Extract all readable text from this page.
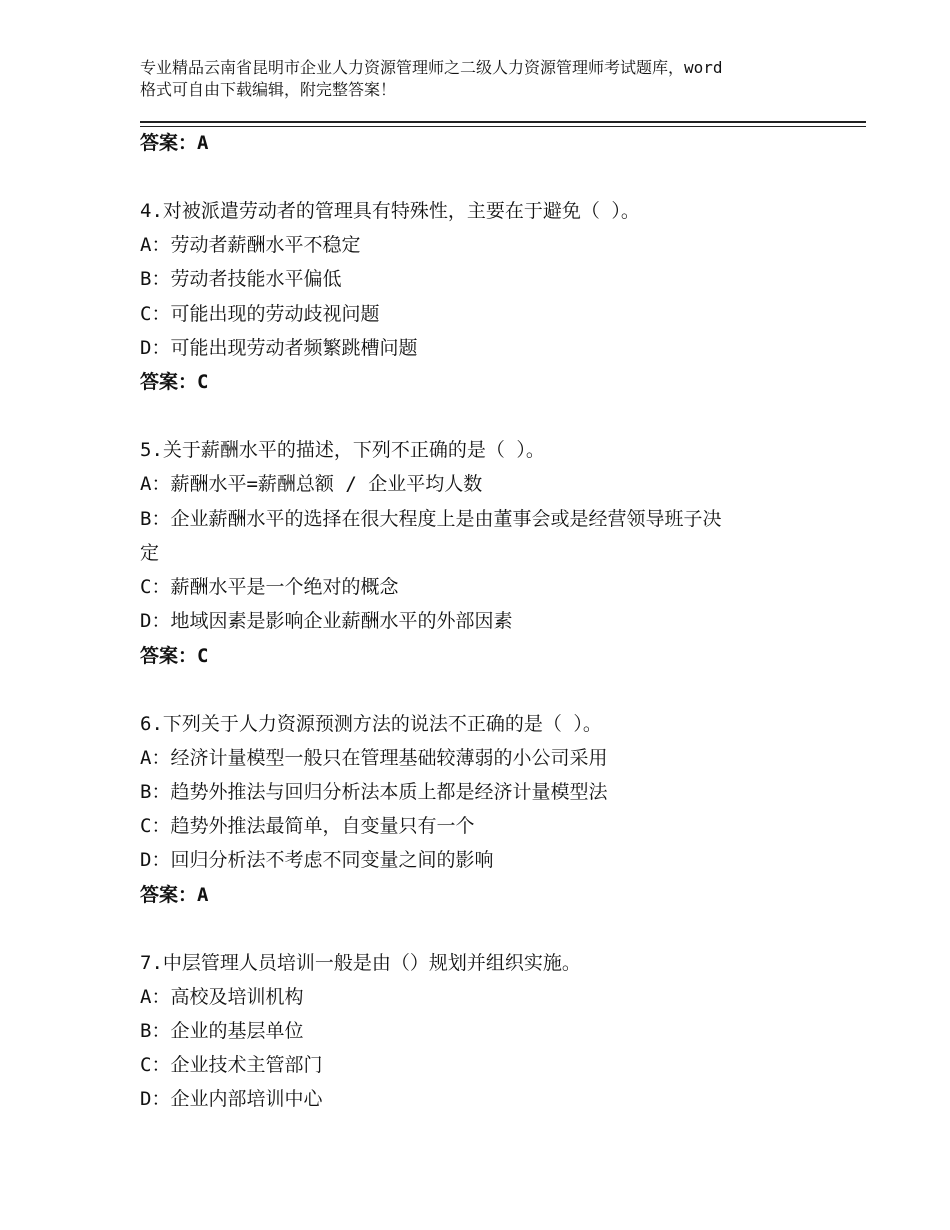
专业精品云南省昆明市企业人力资源管理师之二级人力资源管理师考试题库，word
格式可自由下载编辑，附完整答案！
答案：A
4.对被派遣劳动者的管理具有特殊性，主要在于避免（ ）。
A：劳动者薪酬水平不稳定
B：劳动者技能水平偏低
C：可能出现的劳动歧视问题
D：可能出现劳动者频繁跳槽问题
答案：C
5.关于薪酬水平的描述，下列不正确的是（ ）。
A：薪酬水平=薪酬总额 / 企业平均人数
B：企业薪酬水平的选择在很大程度上是由董事会或是经营领导班子决
定
C：薪酬水平是一个绝对的概念
D：地域因素是影响企业薪酬水平的外部因素
答案：C
6.下列关于人力资源预测方法的说法不正确的是（ ）。
A：经济计量模型一般只在管理基础较薄弱的小公司采用
B：趋势外推法与回归分析法本质上都是经济计量模型法
C：趋势外推法最简单，自变量只有一个
D：回归分析法不考虑不同变量之间的影响
答案：A
7.中层管理人员培训一般是由（）规划并组织实施。
A：高校及培训机构
B：企业的基层单位
C：企业技术主管部门
D：企业内部培训中心
